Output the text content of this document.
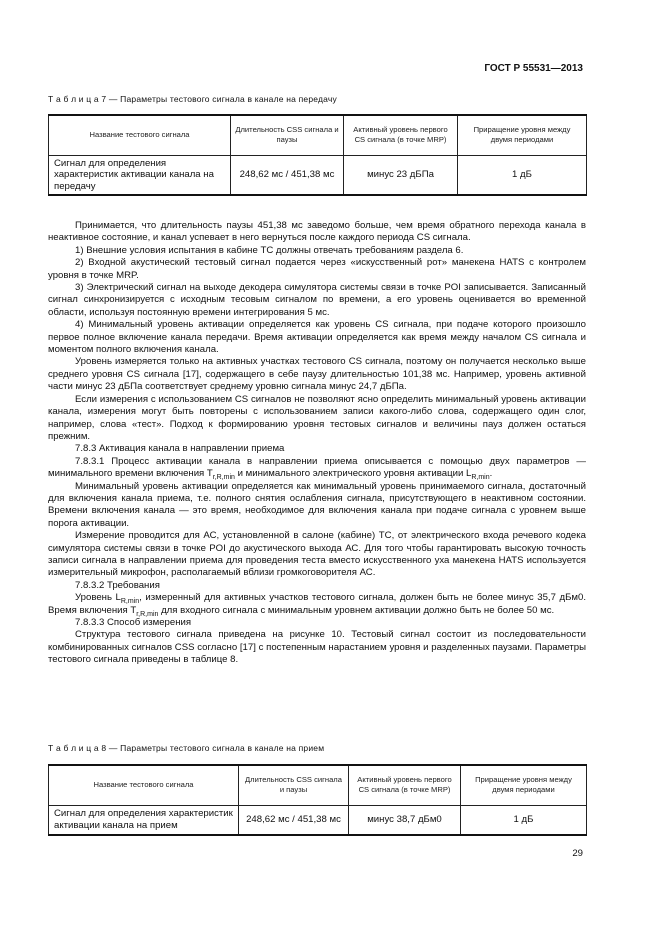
ГОСТ Р 55531—2013
Т а б л и ц а 7 — Параметры тестового сигнала в канале на передачу
Название тестового сигнала	Длительность CSS сигнала и паузы	Активный уровень первого CS сигнала (в точке MRP)	Приращение уровня между двумя периодами
Сигнал для определения характеристик активации канала на передачу	248,62 мс / 451,38 мс	минус 23 дБПа	1 дБ

Принимается, что длительность паузы 451,38 мс заведомо больше, чем время обратного перехода канала в неактивное состояние, и канал успевает в него вернуться после каждого периода CS сигнала.

1) Внешние условия испытания в кабине ТС должны отвечать требованиям раздела 6.

2) Входной акустический тестовый сигнал подается через «искусственный рот» манекена HATS с контролем уровня в точке MRP.

3) Электрический сигнал на выходе декодера симулятора системы связи в точке POI записывается. Записанный сигнал синхронизируется с исходным тесовым сигналом по времени, а его уровень оценивается во временной области, используя постоянную времени интегрирования 5 мс.

4) Минимальный уровень активации определяется как уровень CS сигнала, при подаче которого произошло первое полное включение канала передачи. Время активации определяется как время между началом CS сигнала и моментом полного включения канала.

Уровень измеряется только на активных участках тестового CS сигнала, поэтому он получается несколько выше среднего уровня CS сигнала [17], содержащего в себе паузу длительностью 101,38 мс. Например, уровень активной части минус 23 дБПа соответствует среднему уровню сигнала минус 24,7 дБПа.

Если измерения с использованием CS сигналов не позволяют ясно определить минимальный уровень активации канала, измерения могут быть повторены с использованием записи какого-либо слова, содержащего один слог, например, слова «тест». Подход к формированию уровня тестовых сигналов и величины пауз должен остаться прежним.

7.8.3 Активация канала в направлении приема

7.8.3.1 Процесс активации канала в направлении приема описывается с помощью двух параметров — минимального времени включения $T_{r,R,min}$ и минимального электрического уровня активации $L_{R,min}$.

Минимальный уровень активации определяется как минимальный уровень принимаемого сигнала, достаточный для включения канала приема, т.е. полного снятия ослабления сигнала, присутствующего в неактивном состоянии. Времени включения канала — это время, необходимое для включения канала при подаче сигнала с уровнем выше порога активации.

Измерение проводится для АС, установленной в салоне (кабине) ТС, от электрического входа речевого кодека симулятора системы связи в точке POI до акустического выхода АС. Для того чтобы гарантировать высокую точность записи сигнала в направлении приема для проведения теста вместо искусственного уха манекена HATS используется измерительный микрофон, располагаемый вблизи громкоговорителя АС.

7.8.3.2 Требования

Уровень $L_{R,min}$, измеренный для активных участков тестового сигнала, должен быть не более минус 35,7 дБм0. Время включения $T_{r,R,min}$ для входного сигнала с минимальным уровнем активации должно быть не более 50 мс.

7.8.3.3 Способ измерения

Структура тестового сигнала приведена на рисунке 10. Тестовый сигнал состоит из последовательности комбинированных сигналов CSS согласно [17] с постепенным нарастанием уровня и разделенных паузами. Параметры тестового сигнала приведены в таблице 8.

Т а б л и ц а 8 — Параметры тестового сигнала в канале на прием
Название тестового сигнала	Длительность CSS сигнала и паузы	Активный уровень первого CS сигнала (в точке MRP)	Приращение уровня между двумя периодами
Сигнал для определения характеристик активации канала на прием	248,62 мс / 451,38 мс	минус 38,7 дБм0	1 дБ
29
